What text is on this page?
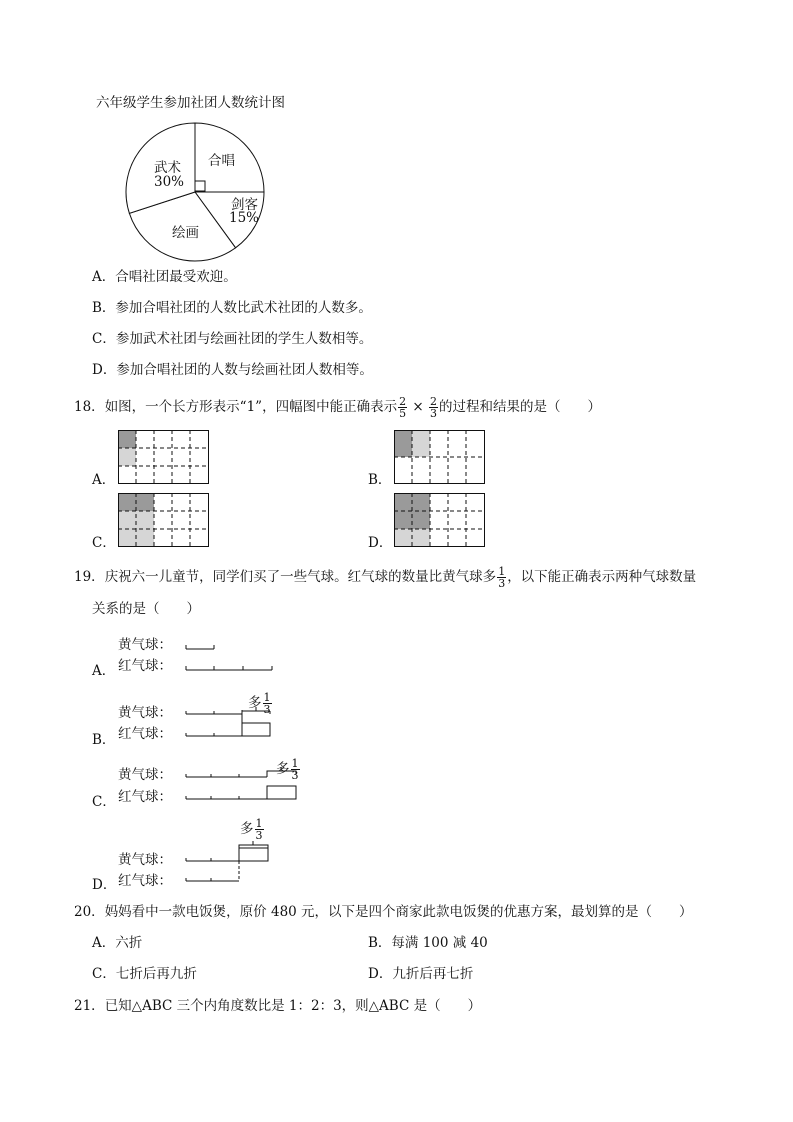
六年级学生参加社团人数统计图
武术
30%
合唱
剑客
15%
绘画
A．合唱社团最受欢迎。
B．参加合唱社团的人数比武术社团的人数多。
C．参加武术社团与绘画社团的学生人数相等。
D．参加合唱社团的人数与绘画社团人数相等。
18．如图，一个长方形表示“1”，四幅图中能正确表示 $\frac{2}{5} \times \frac{2}{3}$ 的过程和结果的是（　　）
A．	B．
C．	D．
19．庆祝六一儿童节，同学们买了一些气球。红气球的数量比黄气球多 $\frac{1}{3}$ ，以下能正确表示两种气球数量
关系的是（　　）
黄气球：
红气球：
A．
黄气球：
红气球：
B．
多 $\frac{1}{3}$
黄气球：
红气球：
C．
多 $\frac{1}{3}$
多 $\frac{1}{3}$
黄气球：
红气球：
D．
20．妈妈看中一款电饭煲，原价 480 元，以下是四个商家此款电饭煲的优惠方案，最划算的是（　　）
A．六折	B．每满 100 减 40
C．七折后再九折	D．九折后再七折
21．已知△ABC 三个内角度数比是 1：2：3，则△ABC 是（　　）
